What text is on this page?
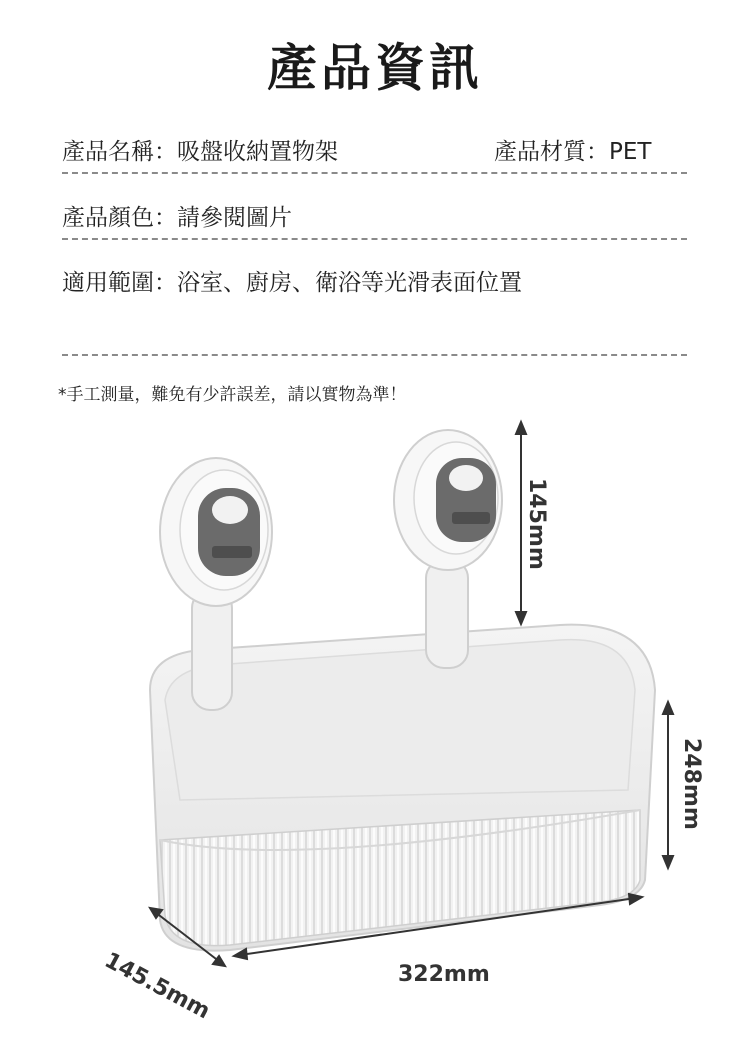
產品資訊
產品名稱：吸盤收納置物架	產品材質：PET
產品顏色：請參閱圖片
適用範圍：浴室、廚房、衛浴等光滑表面位置
*手工測量，難免有少許誤差，請以實物為準！
145mm
248mm
322mm
145.5mm
